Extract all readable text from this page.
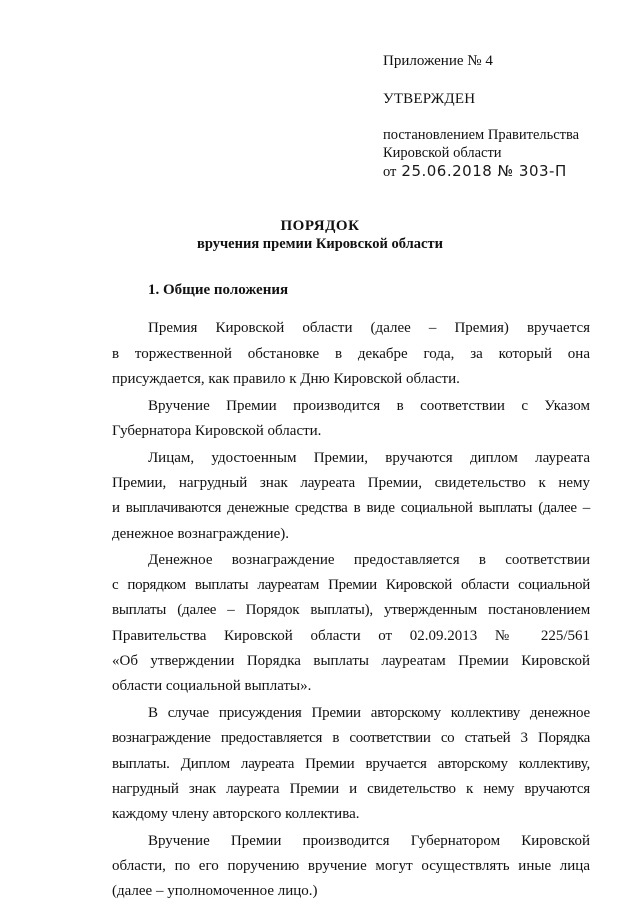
Приложение № 4
УТВЕРЖДЕН
постановлением Правительства
Кировской области
от 25.06.2018 № 303-П
ПОРЯДОК
вручения премии Кировской области
1. Общие положения
Премия Кировской области (далее – Премия) вручается
в торжественной обстановке в декабре года, за который она
присуждается, как правило к Дню Кировской области.
Вручение Премии производится в соответствии с Указом
Губернатора Кировской области.
Лицам, удостоенным Премии, вручаются диплом лауреата
Премии, нагрудный знак лауреата Премии, свидетельство к нему
и выплачиваются денежные средства в виде социальной выплаты (далее –
денежное вознаграждение).
Денежное вознаграждение предоставляется в соответствии
с порядком выплаты лауреатам Премии Кировской области социальной
выплаты (далее – Порядок выплаты), утвержденным постановлением
Правительства Кировской области от 02.09.2013 № 225/561
«Об утверждении Порядка выплаты лауреатам Премии Кировской
области социальной выплаты».
В случае присуждения Премии авторскому коллективу денежное
вознаграждение предоставляется в соответствии со статьей 3 Порядка
выплаты. Диплом лауреата Премии вручается авторскому коллективу,
нагрудный знак лауреата Премии и свидетельство к нему вручаются
каждому члену авторского коллектива.
Вручение Премии производится Губернатором Кировской
области, по его поручению вручение могут осуществлять иные лица
(далее – уполномоченное лицо.)
